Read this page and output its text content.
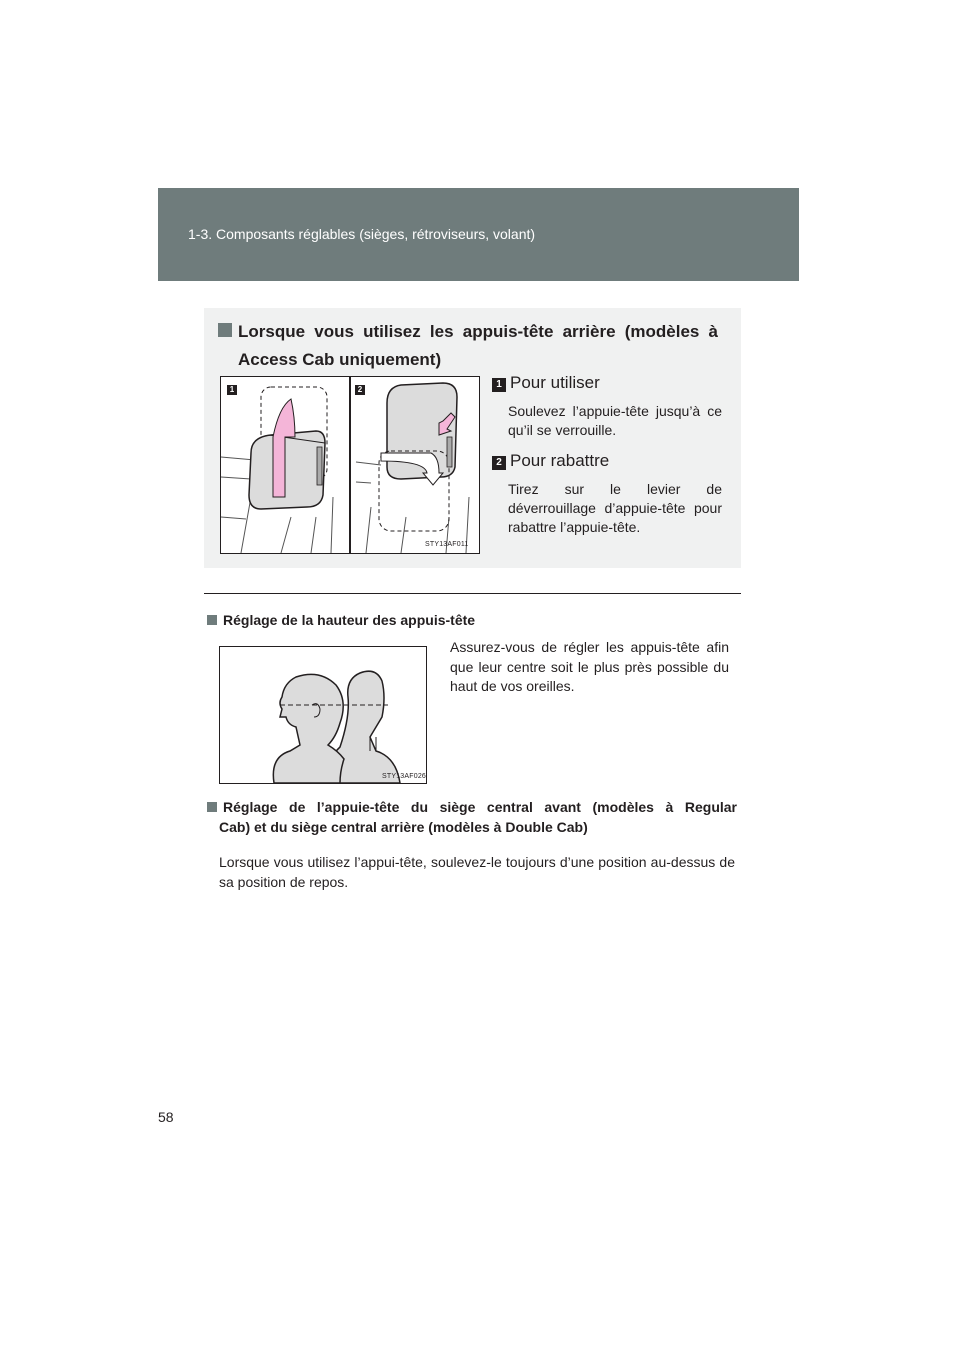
1-3. Composants réglables (sièges, rétroviseurs, volant)
Lorsque vous utilisez les appuis-tête arrière (modèles à
Access Cab uniquement)
1	2
STY13AF011
1 Pour utiliser
Soulevez l’appuie-tête jusqu’à ce qu’il se verrouille.
2 Pour rabattre
Tirez sur le levier de déverrouillage d’appuie-tête pour rabattre l’appuie-tête.
Réglage de la hauteur des appuis-tête
STY13AF026
Assurez-vous de régler les appuis-tête afin que leur centre soit le plus près possible du haut de vos oreilles.
Réglage de l’appuie-tête du siège central avant (modèles à Regular
Cab) et du siège central arrière (modèles à Double Cab)
Lorsque vous utilisez l’appui-tête, soulevez-le toujours d’une position au-dessus de sa position de repos.
58
